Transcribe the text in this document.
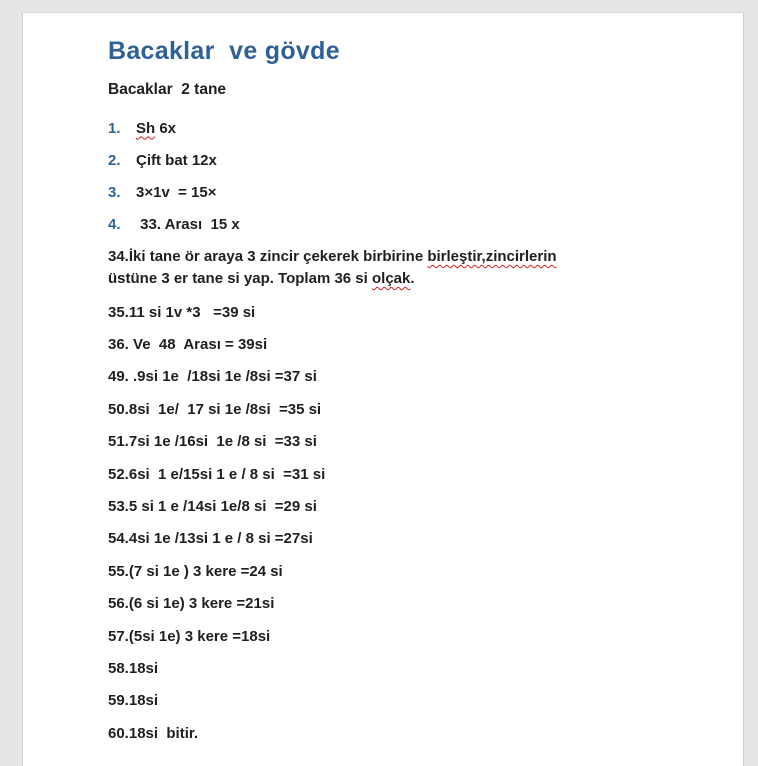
Bacaklar  ve gövde
Bacaklar  2 tane
1.	Sh 6x
2.	Çift bat 12x
3.	3×1v  = 15×
4.	33. Arası  15 x
34.İki tane ör araya 3 zincir çekerek birbirine birleştir,zincirlerin
üstüne 3 er tane si yap. Toplam 36 si olçak.
35.11 si 1v *3   =39 si
36. Ve  48  Arası = 39si
49. .9si 1e  /18si 1e /8si =37 si
50.8si  1e/  17 si 1e /8si  =35 si
51.7si 1e /16si  1e /8 si  =33 si
52.6si  1 e/15si 1 e / 8 si  =31 si
53.5 si 1 e /14si 1e/8 si  =29 si
54.4si 1e /13si 1 e / 8 si =27si
55.(7 si 1e ) 3 kere =24 si
56.(6 si 1e) 3 kere =21si
57.(5si 1e) 3 kere =18si
58.18si
59.18si
60.18si  bitir.
